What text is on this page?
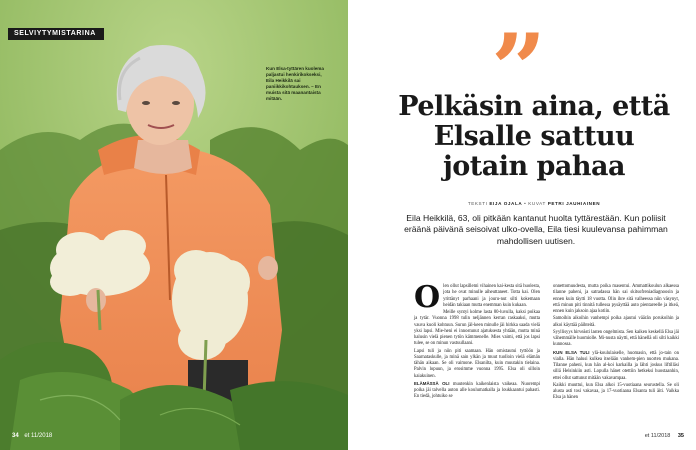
SELVIYTYMISTARINA
Kun Elsa-tyttären kuolema paljastui henkirikokseksi, Eila Heikkilä sai paniikkikohtauksen. – En muista sitä maanantaista mitään.
34 et 11/2018
”
Pelkäsin aina, että Elsalle sattuu jotain pahaa
TEKSTI EIJA OJALA • KUVAT PETRI JAUHIAINEN
Eila Heikkilä, 63, oli pitkään kantanut huolta tyttärestään. Kun poliisit eräänä päivänä seisoivat ulko-ovella, Eila tiesi kuulevansa pahimman mahdollisen uutisen.

Olen ollut lapsillemi vihainen kai-kesta sitä huolesta, jota he ovat minulle aiheuttaneet. Totta kai. Olen yrittänyt parhaani ja jouru-nut silti kokemaan heidän takiaan mutta enemman kuin kukaan.

Meille syntyi kolme lasta 80-luvulla, kaksi poikaa ja tytär. Vuonna 1998 tulin neljännen kerran raskaaksi, mutta vauva kuoli kohtuun. Surun jäl-keen minulle jäi hirkka saada vielä yksi lapsi. Mie-heni ei innostunut ajatuksesta yhtään, mutta minä halusin vielä pienen tytön kämmenelle. Mies vaimi, että jos lapsi tulee, se on minun vastuullaani.

Lapsi tuli ja niin piti saamaan. Hän omistautui tyttöön ja Saarnataskulle, ja minä sain ylkän ja muut tuolloin vielä elämän tähän aikaan. Se oli vaimone. Elsanilta, kuin muutakin tielaina. Palvin lopuun, ja erosimme vuonna 1995. Elsa oli silloin kaiakuinen.

ELÄMÄSSÄ OLI muutenkin kaikenlaista vaikeaa. Nuorempi poika jäi talvella auton alle koulumatkalla ja loukkaantui pahasti. En tiedä, johtuiko se

onnettomuudesta, mutta poika masentui. Ammattikoulun alkaessa tilanne paheni, ja satradassa hän sai skitsofreniadiagnoosin ja ennen kuin täytti 18 vuotta. Olin ihre sitä valheessa niin väsynyt, että minun piti tinnitä tullessa pysäyttää auto pientareelle ja itkeä, ennen kuin jaksoin ajaa kotiin.

Samoihin aikoihin vanhempi poika ajautui väärän porukoihin ja alkoi käyttää päihteitä.

Syyllisyys hirveästi lasten ongelmista. Sen kaiken keskellä Elsa jäi vähemmälle huomiolle. Mi-nusta näytti, että hänellä oli silti kaikki kunnossa.

KUN ELSA TULI ylä-koululaiselle, huomasin, että jo-tain on vialla. Hän halusi kulkea itselään vanhem-pien nuorten mukana. Tilanne paheni, kun hän al-koi karkailla ja lähti joskus liftilläsi sillä Helsinkiin asti. Lopulla hänet otettiin hetkeksi huostaanhin, ettei ollut sattunut mitään vakavampaa.

Kaikki muuttui, kun Elsa alkoi 15-vuotiaana seurustella. Se oli alusta asti tosi vakavaa, ja 17-vuotiaana Elsanta tuli äiti. Vaikka Elsa ja hänen

et 11/2018 35
